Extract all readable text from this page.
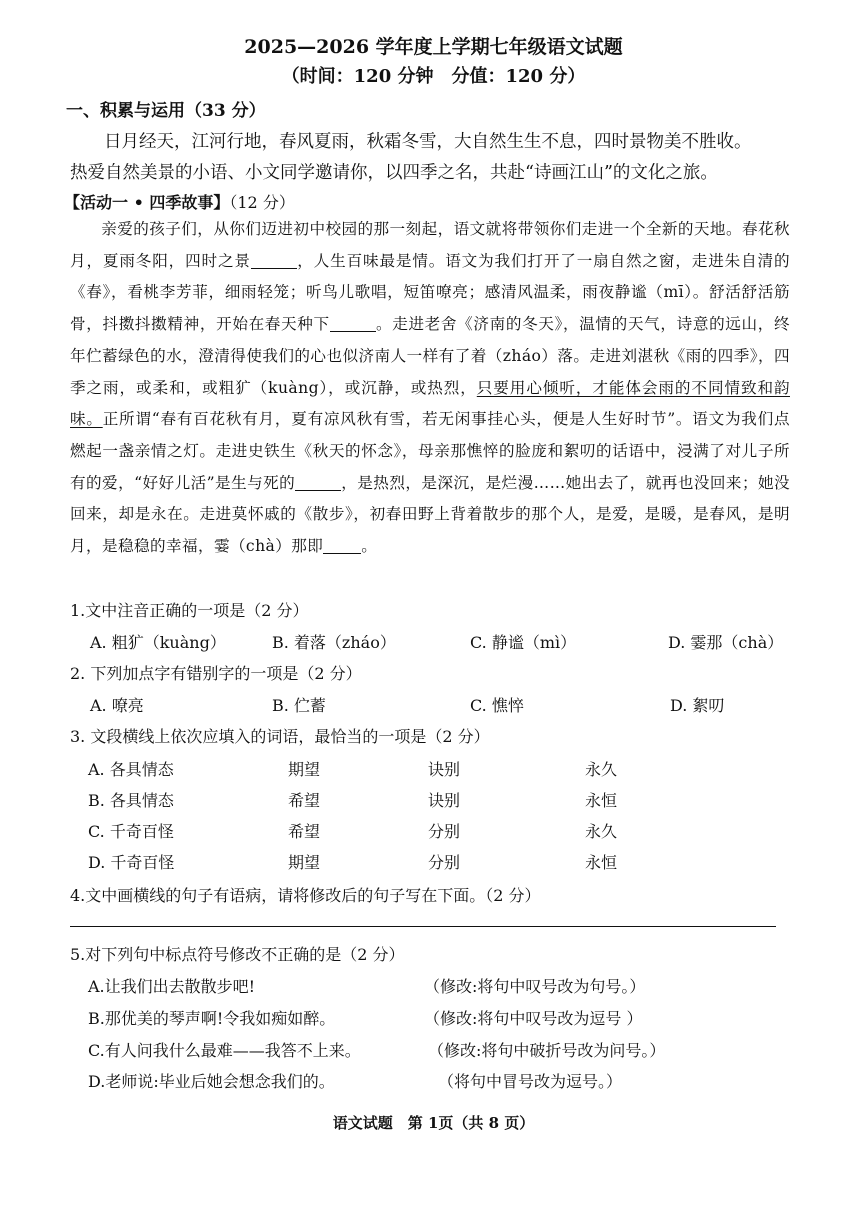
2025—2026 学年度上学期七年级语文试题
（时间：120 分钟　分值：120 分）
一、积累与运用（33 分）
日月经天，江河行地，春风夏雨，秋霜冬雪，大自然生生不息，四时景物美不胜收。
热爱自然美景的小语、小文同学邀请你，以四季之名，共赴“诗画江山”的文化之旅。
【活动一 • 四季故事】（12 分）

亲爱的孩子们，从你们迈进初中校园的那一刻起，语文就将带领你们走进一个全新的天地。春花秋月，夏雨冬阳，四时之景	，人生百味最是情。语文为我们打开了一扇自然之窗，走进朱自清的《春》，看桃李芳菲，细雨轻笼；听鸟儿歌唱，短笛嘹亮；感清风温柔，雨夜静谧（mī）。舒活舒活筋骨，抖擞抖擞精神，开始在春天种下	。走进老舍《济南的冬天》，温情的天气，诗意的远山，终年伫蓄绿色的水，澄清得使我们的心也似济南人一样有了着（zháo）落。走进刘湛秋《雨的四季》，四季之雨，或柔和，或粗犷（kuàng），或沉静，或热烈，只要用心倾听，才能体会雨的不同情致和韵味。正所谓“春有百花秋有月，夏有凉风秋有雪，若无闲事挂心头，便是人生好时节”。语文为我们点燃起一盏亲情之灯。走进史铁生《秋天的怀念》，母亲那憔悴的脸庞和絮叨的话语中，浸满了对儿子所有的爱，“好好儿活”是生与死的	，是热烈，是深沉，是烂漫……她出去了，就再也没回来；她没回来，却是永在。走进莫怀戚的《散步》，初春田野上背着散步的那个人，是爱，是暖，是春风，是明月，是稳稳的幸福，霎（chà）那即 。

1.文中注音正确的一项是（2 分）
A. 粗犷（kuàng）	B. 着落（zháo）	C. 静谧（mì）	D. 霎那（chà）
2. 下列加点字有错别字的一项是（2 分）
A. 嘹亮	B. 伫蓄	C. 憔悴	D. 絮叨
3. 文段横线上依次应填入的词语，最恰当的一项是（2 分）
A. 各具情态	期望	诀别	永久
B. 各具情态	希望	诀别	永恒
C. 千奇百怪	希望	分别	永久
D. 千奇百怪	期望	分别	永恒
4.文中画横线的句子有语病，请将修改后的句子写在下面。（2 分）
5.对下列句中标点符号修改不正确的是（2 分）
A.让我们出去散散步吧!	（修改:将句中叹号改为句号。）
B.那优美的琴声啊!令我如痴如醉。	（修改:将句中叹号改为逗号 ）
C.有人问我什么最难——我答不上来。	（修改:将句中破折号改为问号。）
D.老师说:毕业后她会想念我们的。	（将句中冒号改为逗号。）
语文试题　第 1页（共 8 页）
